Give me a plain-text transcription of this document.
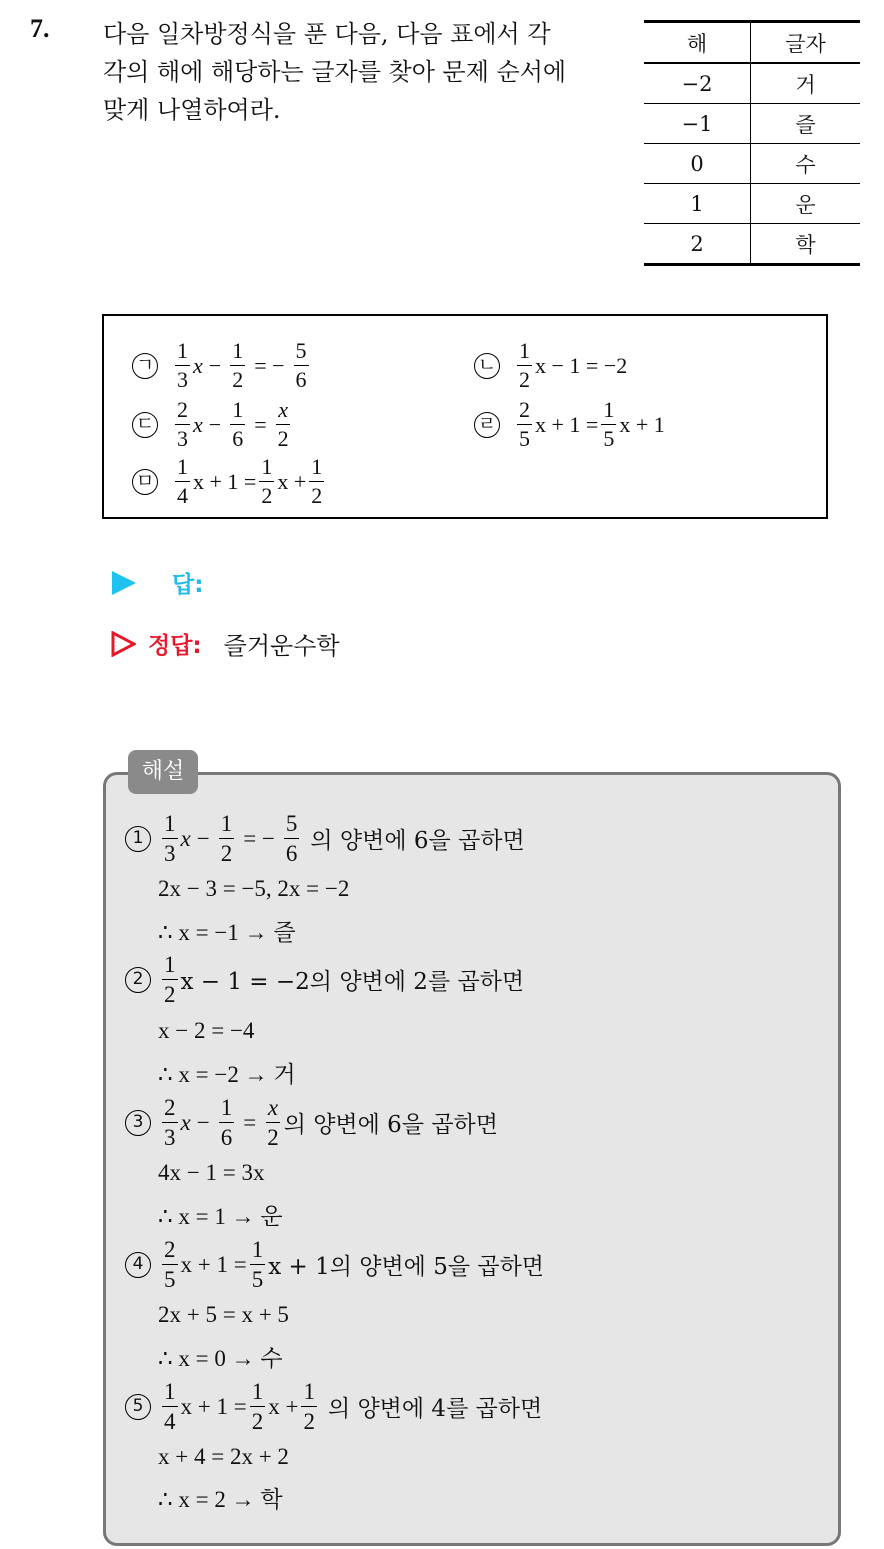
7. 다음 일차방정식을 푼 다음, 다음 표에서 각
각의 해에 해당하는 글자를 찾아 문제 순서에
맞게 나열하여라.
해	글자
−2	거
−1	즐
0	수
1	운
2	학
ㄱ $\frac{1}{3}$ $x - \frac{1}{2}$ = − $\frac{5}{6}$	ㄴ $\frac{1}{2}$ x − 1 = −2
ㄷ $\frac{2}{3}$ $x - \frac{1}{6} = \frac{x}{2}$	ㄹ $\frac{2}{5}$ $x + 1 = \frac{1}{5}$ x + 1
ㅁ $\frac{1}{4}$ $x + 1 = \frac{1}{2}$ $x + \frac{1}{2}$
답:
정답: 즐거운수학
해설
$1 \frac{1}{3}$ $x - \frac{1}{2}$ = − $\frac{5}{6}$ 의 양변에 6을 곱하면
2x − 3 = −5, 2x = −2
∴ x = −1 → 즐
$2 \frac{1}{2}$ x − 1 = −2의 양변에 2를 곱하면
x − 2 = −4
∴ x = −2 → 거
$3 \frac{2}{3}$ $x - \frac{1}{6} = \frac{x}{2}$ 의 양변에 6을 곱하면
4x − 1 = 3x
∴ x = 1 → 운
$4 \frac{2}{5}$ $x + 1 = \frac{1}{5}$ x + 1의 양변에 5을 곱하면
2x + 5 = x + 5
∴ x = 0 → 수
$5 \frac{1}{4}$ $x + 1 = \frac{1}{2}$ $x + \frac{1}{2}$ 의 양변에 4를 곱하면
x + 4 = 2x + 2
∴ x = 2 → 학
